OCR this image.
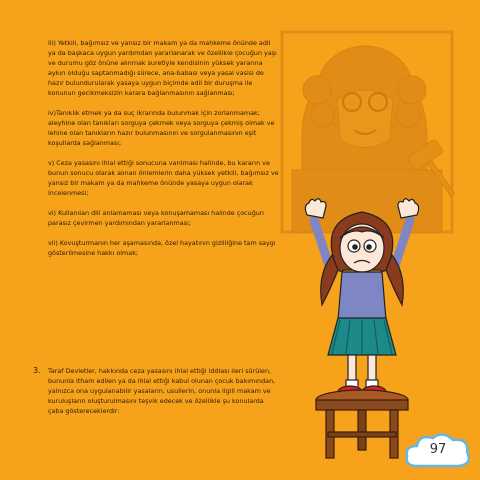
iii) Yetkili, bağımsız ve yansız bir makam ya da mahkeme önünde adil ya da başkaca uygun yardımdan yararlanarak ve özellikle çocuğun yaşı ve durumu göz önüne alınmak suretiyle kendisinin yüksek yararına aykırı olduğu saptanmadığı sürece, ana-babası veya yasal vasisi de hazır bulundurularak yasaya uygun biçimde adil bir duruşma ile konunun gecikmeksizin karara bağlanmasının sağlanması;

iv)Tanıklık etmek ya da suç ikrarında bulunmak için zorlanmamak; aleyhine olan tanıkları sorguya çekmek veya sorguya çekmiş olmak ve lehine olan tanıkların hazır bulunmasının ve sorgulanmasının eşit koşullarda sağlanması;

v) Ceza yasasını ihlal ettiği sonucuna varılması halinde, bu kararın ve bunun sonucu olarak alınan önlemlerin daha yüksek yetkili, bağımsız ve yansız bir makam ya da mahkeme önünde yasaya uygun olarak incelenmesi;

vi) Kullanılan dili anlamaması veya konuşamaması halinde çocuğun parasız çevirmen yardımından yararlanması;

vii) Kovuşturmanın her aşamasında, özel hayatının gizliliğine tam saygı gösterilmesine hakkı olmak;

3. Taraf Devletler, hakkında ceza yasasını ihlal ettiği iddiası ileri sürülen, bununla itham edilen ya da ihlal ettiği kabul olunan çocuk bakımından, yalnızca ona uygulanabilir yasaların, usullerin, onunla ilgili makam ve kuruluşların oluşturulmasını teşvik edecek ve özellikle şu konularda çaba göstereceklerdir:
97
